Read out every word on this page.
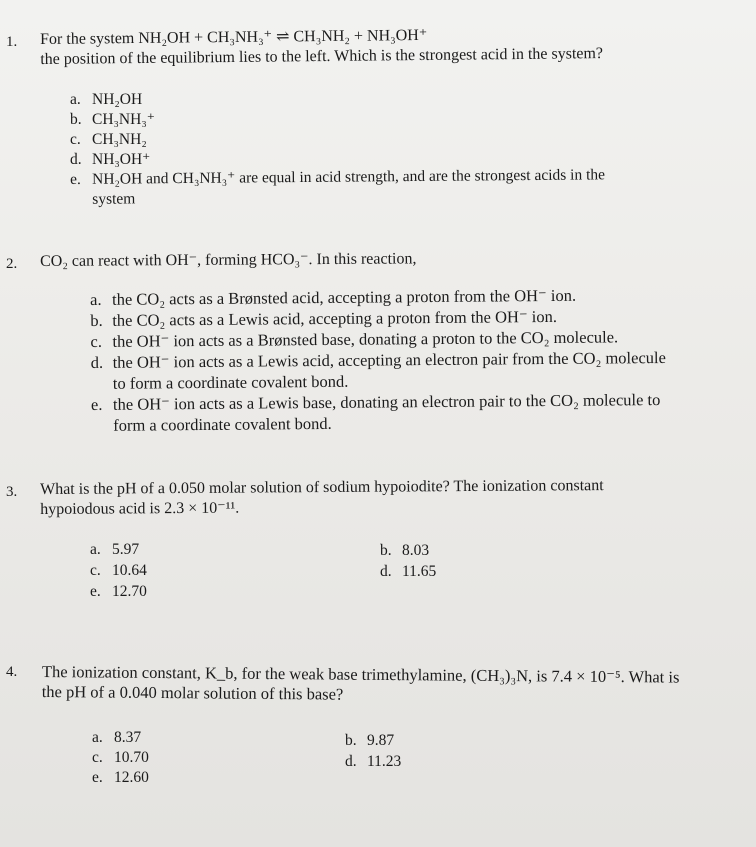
1. For the system NH₂OH + CH₃NH₃⁺ ⇌ CH₃NH₂ + NH₃OH⁺
the position of the equilibrium lies to the left. Which is the strongest acid in the system?
a. NH₂OH
b. CH₃NH₃⁺
c. CH₃NH₂
d. NH₃OH⁺
e. NH₂OH and CH₃NH₃⁺ are equal in acid strength, and are the strongest acids in the
system
2. CO₂ can react with OH⁻, forming HCO₃⁻. In this reaction,
a. the CO₂ acts as a Brønsted acid, accepting a proton from the OH⁻ ion.
b. the CO₂ acts as a Lewis acid, accepting a proton from the OH⁻ ion.
c. the OH⁻ ion acts as a Brønsted base, donating a proton to the CO₂ molecule.
d. the OH⁻ ion acts as a Lewis acid, accepting an electron pair from the CO₂ molecule
to form a coordinate covalent bond.
e. the OH⁻ ion acts as a Lewis base, donating an electron pair to the CO₂ molecule to
form a coordinate covalent bond.
3. What is the pH of a 0.050 molar solution of sodium hypoiodite? The ionization constant
hypoiodous acid is 2.3 × 10⁻¹¹.
a. 5.97	b. 8.03
c. 10.64	d. 11.65
e. 12.70
4. The ionization constant, K_b, for the weak base trimethylamine, (CH₃)₃N, is 7.4 × 10⁻⁵. What is
the pH of a 0.040 molar solution of this base?
a. 8.37	b. 9.87
c. 10.70	d. 11.23
e. 12.60
